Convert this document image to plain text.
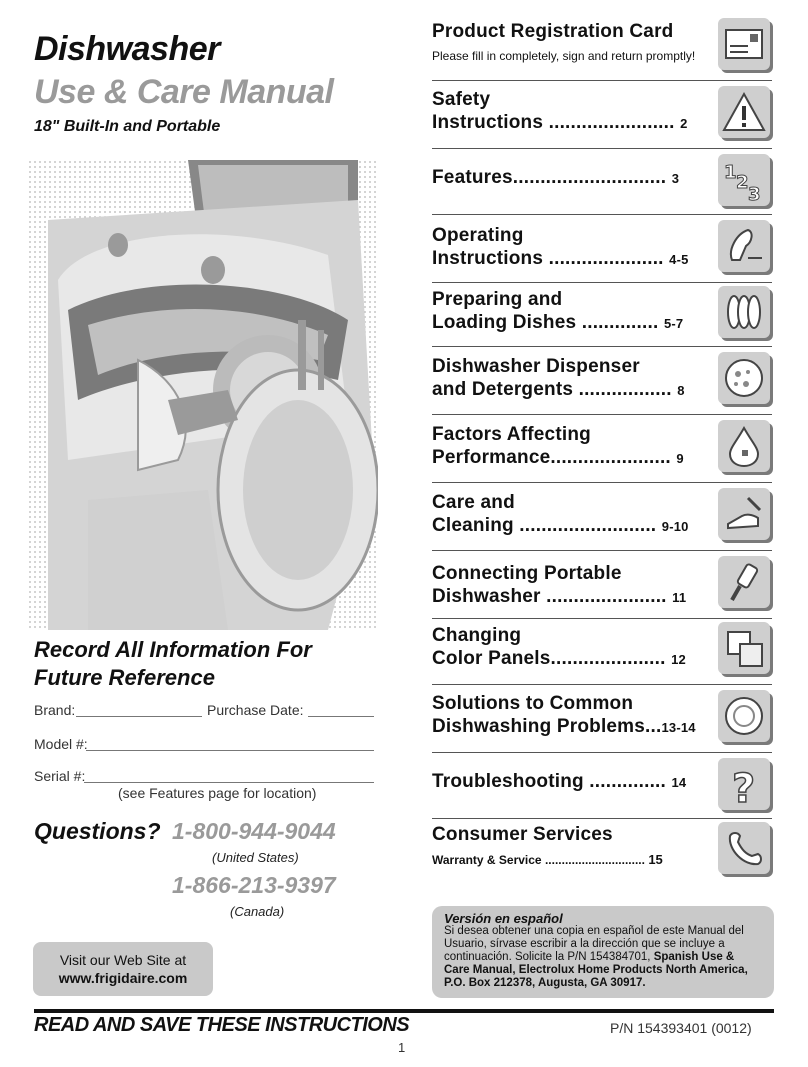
Dishwasher
Use & Care Manual
18" Built-In and Portable
Record All Information For
Future Reference
Brand:	Purchase Date:
Model #:
Serial #:
(see Features page for location)
Questions? 1-800-944-9044
(United States)
1-866-213-9397
(Canada)
Visit our Web Site at
www.frigidaire.com
Product Registration Card
Please fill in completely, sign and return promptly!
Safety
Instructions ....................... 2
Features............................ 3	1 2
3
Operating
Instructions ..................... 4-5
Preparing and
Loading Dishes .............. 5-7
Dishwasher Dispenser
and Detergents ................. 8
Factors Affecting
Performance...................... 9
Care and
Cleaning ......................... 9-10
Connecting Portable
Dishwasher ...................... 11
Changing
Color Panels..................... 12
Solutions to Common
Dishwashing Problems...13-14
Troubleshooting .............. 14	?
Consumer Services
Warranty & Service .............................. 15
Versión en español
Si desea obtener una copia en español de este Manual del Usuario, sírvase escribir a la dirección que se incluye a continuación. Solicite la P/N 154384701, Spanish Use & Care Manual, Electrolux Home Products North America, P.O. Box 212378, Augusta, GA 30917.
READ AND SAVE THESE INSTRUCTIONS	P/N 154393401 (0012)
1
